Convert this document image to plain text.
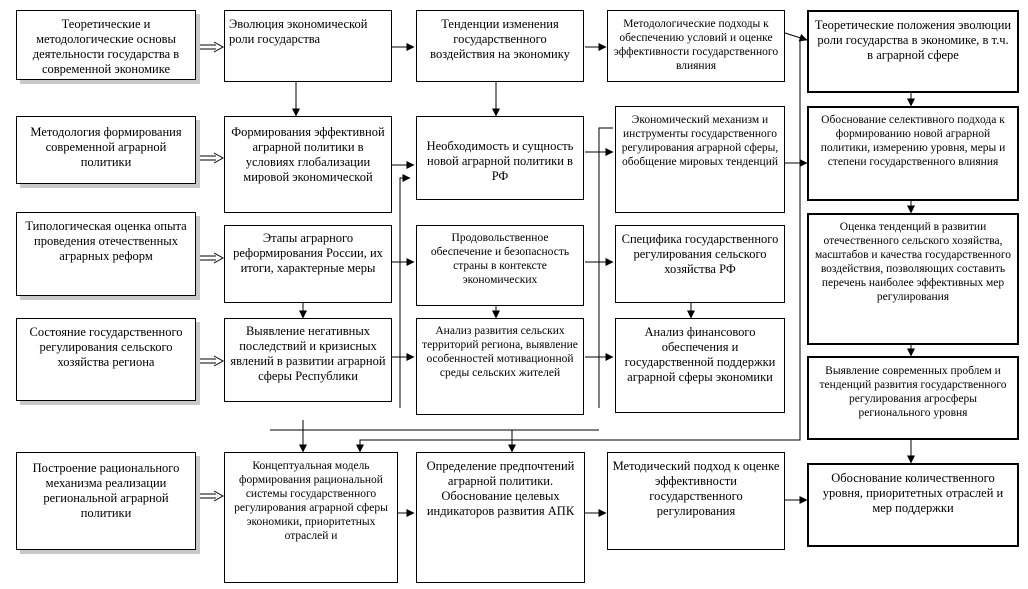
Теоретические и методологические основы деятельности государства в современной экономике
Эволюция экономической роли государства
Тенденции изменения государственного воздействия на экономику
Методологические подходы к обеспечению условий и оценке эффективности государственного влияния
Теоретические положения эволюции роли государства в экономике, в т.ч. в аграрной сфере
Методология формирования современной аграрной политики
Формирования эффективной аграрной политики в условиях глобализации мировой экономической
Необходимость и сущность новой аграрной политики в РФ
Экономический механизм и инструменты государственного регулирования аграрной сферы, обобщение мировых тенденций
Обоснование селективного подхода к формированию новой аграрной политики, измерению уровня, меры и степени государственного влияния
Типологическая оценка опыта проведения отечественных аграрных реформ
Этапы аграрного реформирования России, их итоги, характерные меры
Продовольственное обеспечение и безопасность страны в контексте экономических
Специфика государственного регулирования сельского хозяйства РФ
Оценка тенденций в развитии отечественного сельского хозяйства, масштабов и качества государственного воздействия, позволяющих составить перечень наиболее эффективных мер регулирования
Состояние государственного регулирования сельского хозяйства региона
Выявление негативных последствий и кризисных явлений в развитии аграрной сферы Республики
Анализ развития сельских территорий региона, выявление особенностей мотивационной среды сельских жителей
Анализ финансового обеспечения и государственной поддержки аграрной сферы экономики	Выявление современных проблем и тенденций развития государственного регулирования агросферы регионального уровня
Построение рационального механизма реализации региональной аграрной политики
Концептуальная модель формирования рациональной системы государственного регулирования аграрной сферы экономики, приоритетных отраслей и
Определение предпочтений аграрной политики. Обоснование целевых индикаторов развития АПК
Методический подход к оценке эффективности государственного регулирования
Обоснование количественного уровня, приоритетных отраслей и мер поддержки
